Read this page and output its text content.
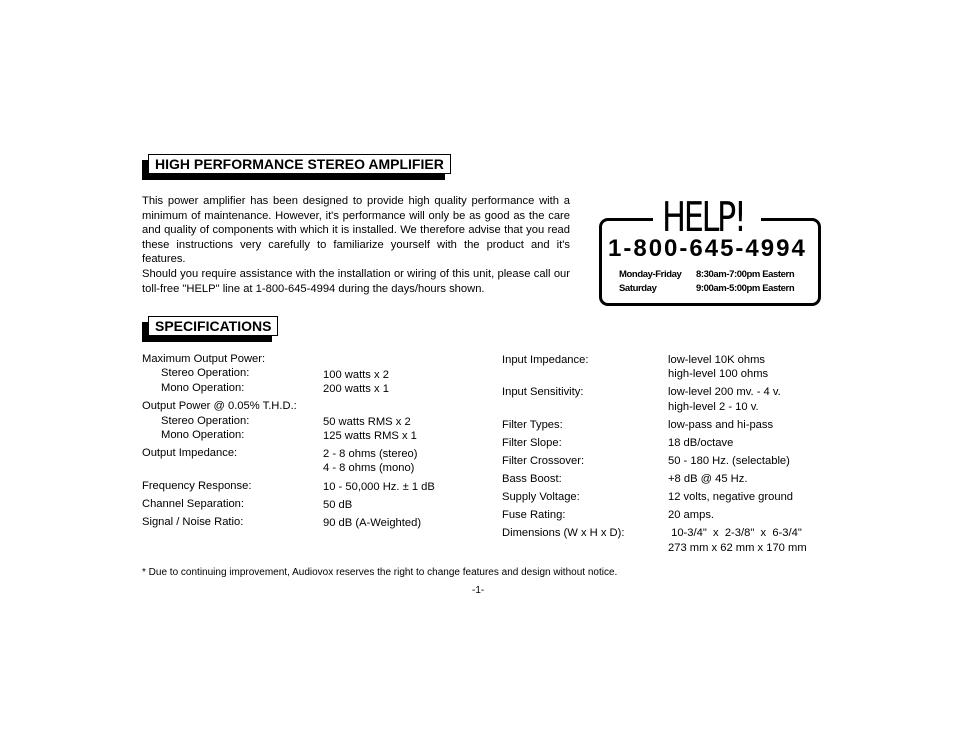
HIGH PERFORMANCE STEREO AMPLIFIER

This power amplifier has been designed to provide high quality performance with a minimum of maintenance. However, it's performance will only be as good as the care and quality of components with which it is installed. We therefore advise that you read these instructions very carefully to familiarize yourself with the product and it's features.

Should you require assistance with the installation or wiring of this unit, please call our toll-free "HELP" line at 1-800-645-4994 during the days/hours shown.

HELP!
1-800-645-4994
Monday-Friday 8:30am-7:00pm Eastern
Saturday	9:00am-5:00pm Eastern
SPECIFICATIONS
Maximum Output Power:
Stereo Operation:	100 watts x 2
Mono Operation:	200 watts x 1
Output Power @ 0.05% T.H.D.:
Stereo Operation:	50 watts RMS x 2
Mono Operation:	125 watts RMS x 1
Output Impedance:	2 - 8 ohms (stereo)
4 - 8 ohms (mono)
Frequency Response:	10 - 50,000 Hz. ± 1 dB
Channel Separation:	50 dB
Signal / Noise Ratio:	90 dB (A-Weighted)
Input Impedance:	low-level 10K ohms
high-level 100 ohms
Input Sensitivity:	low-level 200 mv. - 4 v.
high-level 2 - 10 v.
Filter Types:	low-pass and hi-pass
Filter Slope:	18 dB/octave
Filter Crossover:	50 - 180 Hz. (selectable)
Bass Boost:	+8 dB @ 45 Hz.
Supply Voltage:	12 volts, negative ground
Fuse Rating:	20 amps.
Dimensions (W x H x D):	10-3/4"  x  2-3/8"  x  6-3/4"
273 mm x 62 mm x 170 mm
* Due to continuing improvement, Audiovox reserves the right to change features and design without notice.
-1-
